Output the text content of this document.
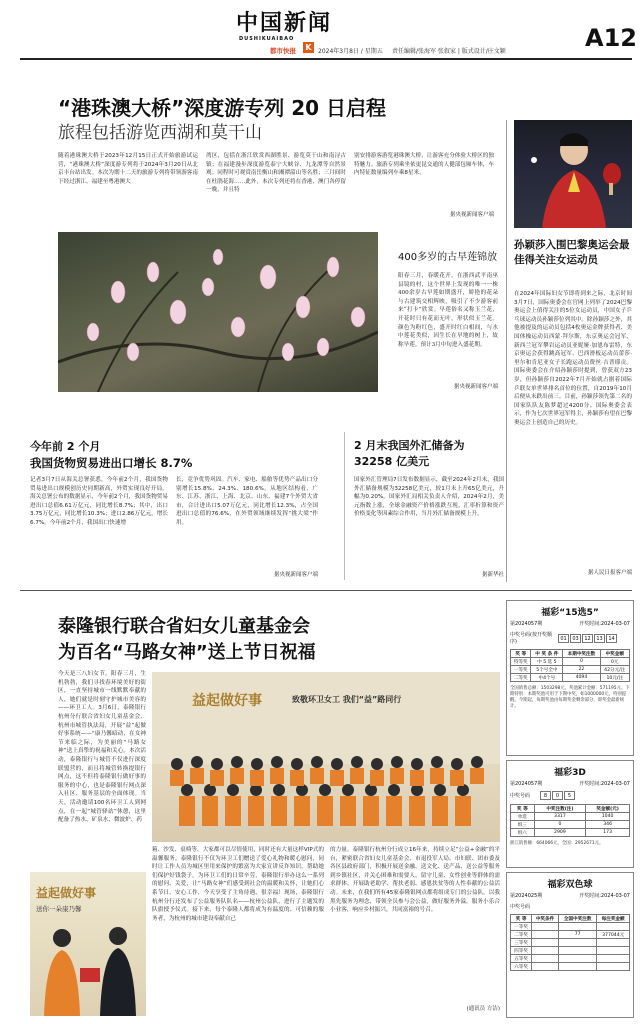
中国新闻
DUSHIKUAIBAO
K
都市快报	2024年3月8日 / 星期五 责任编辑/张海军 张叙家 | 版式设计/庄文颖	A12
“港珠澳大桥”深度游专列 20 日启程
旅程包括游览西湖和莫干山
随着港珠澳大桥于2023年12月15日正式开始旅游试运营，“港珠澳大桥”深度游专列将于2024年3月20日从北京丰台站出发。本次为期十二天的旅游专列将带领游客南下经过浙江、福建至粤港澳大
湾区，包括在浙江欣赏西湖胜景、游览莫干山和南浔古镇；在福建漫步深度游览泰宁大峡谷、九龙潭等自然景观；同程时可观赏南岳衡山和湘潭韶山等名胜；三月间时在杜鹃花海……此外，本次专列还将在香港、澳门各停留一晚，并且特
别安排游客游览港珠澳大桥，让游客充分体验大桥区的独特魅力。旅游专列乘坐依更昆交通的人健部包厢车体，车内特征数量编列车乘8星米。
据央视新闻客户端
400多岁的古早莲锦放
阳春三月，春暖花开。在浙西武平南巫县镜的村，这个世界上发现的唯一一株400余岁古早莲如期盛开，娇艳的花朵与古建筑交相辉映，吸引了不少游客前来“打卡”欣赏。早莲俗名又称玉兰花，开花时只有花而无叶，形状似玉兰花。颜色为粉红色，盛开时红白相间，与水中莲花类似，因生长在旱地的树上，故称旱莲。预计3月中旬进入盛花期。
据央视新闻客户端
今年前 2 个月
我国货物贸易进出口增长 8.7%
记者3月7日从海关总署获悉，今年前2个月，我国货物贸易进出口规模创历史同期新高，外贸实现良好开局。海关总署公布的数据显示，今年前2个月，我国货物贸易进出口总值6.61万亿元，同比增长8.7%；其中，出口3.75万亿元，同比增长10.3%；进口2.86万亿元，增长6.7%。今年前2个月，我国出口快速增
长，竞争优势巩固。汽车、家电、船舶等优势产品出口分别增长15.8%、24.3%、180.6%。从地区结构看，广东、江苏、浙江、上海、北京、山东、福建7个外贸大省市，合计进出口5.07万亿元，同比增长12.3%，占全国进出口总值的76.6%，在外贸领域继续发挥“挑大梁”作用。
据央视新闻客户端
2 月末我国外汇储备为 32258 亿美元
国家外汇管理局7日发布数据显示，截至2024年2月末，我国外汇储备规模为32258亿美元，较1月末上升65亿美元，升幅为0.20%。国家外汇局相关负责人介绍，2024年2月，美元指数上涨，全球金融资产价格涨跌互现。汇率折算和资产价格变化等因素综合作用，当月外汇储备规模上升。
据新华社
孙颖莎入围巴黎奥运会最佳得关注女运动员
在2024年国际妇女节即将到来之际，北京时间3月7日，国际奥委会在官网上列举了2024巴黎奥运会上值得关注的5位女运动员，中国女子乒乓球运动员孙颖莎位列其中。除孙颖莎之外，其他被提及的运动员包括4枚奥运金牌获得者、美国体操运动员西蒙·拜尔斯，东京奥运会冠军、新西兰冠军攀岩运动员亚妮娅·加恩布雷特，东京奥运会获得跳高冠军、巴西滑板运动员蕾莎·里尔和肯尼亚女子长跑运动员费丝·吉普耶贡。国际奥委会在介绍孙颖莎时提到，曾获双方23岁，但孙颖莎自2022年7月开始就占据着国际乒联女单世界排名首位的位置，自2019年10月后便从未跌出前三。目前，孙颖莎领先第二名的国家队队友陈梦超过4200分。国际奥委会表示，作为七次世界冠军得主，孙颖莎有望在巴黎奥运会上创造自己的历史。
据人民日报客户端
泰隆银行联合省妇女儿童基金会
为百名“马路女神”送上节日祝福
今天是三八妇女节。阳春三月，生机勃勃，我们寻找春环境美好的街区，一直坚持城市一线默默奉献的人，她们就是时刻守护城市美容的——环卫工人。3月6日，泰隆银行杭州分行联合省妇女儿童基金会、杭州市城管执法局，开展“益”起做好事系统——“康乃馨暗动，在女神节来临之际，为美丽的“马路女神”送上真挚的祝福和关心。本次活动，泰隆银行与城管不仅进行深度联盟营的，而且将城管转换提银行网点，这不但将泰隆银行做好事的服务的中心，也是泰隆银行网点深入社区、服务基层的全面体现。当天，活动邀请100名环卫工人到网点，在一起“城管驿站”休憩，这里配备了热水、矿泉水、微波炉、药
益起做好事	致敬环卫女工 我们“益”路同行
箱、沙发、桌椅等，大家都可以尽情使用，同时还有大量这样VIP式的温馨服务。泰隆银行不仅为环卫工们赠送了爱心礼物和暖心慰问，同时让工作人员为城区里用来保护的繁富为大家宣讲反诈知识，帮助她们保护好钱袋子。为环卫工们的日常辛劳，泰隆银行举办这么一系列的慰问、关爱，让“马路女神”们感受到社会的温暖和关怀，让她们心系节日，安心工作，今天享受了主角待遇，很幸福！现场，泰隆银行杭州分行还发布了公益服务队队名——杭州公益队，进行了主题发的队旗授予仪式。接下来，每个泰隆人都将成为有温度的、可信赖的服务者，为杭州的城市建设奉献自己
的力量。泰隆银行杭州分行成立16年来，持续立足“公益+金融”的平台，紧密联合省妇女儿童基金会、市退役军人局、市妇联、团市委及各区县政府部门，积极开展送金融、送文化、送产品、送公益等服务到乡镇社区，并关心困难和需要人、留守儿童、女性创业等群体的需求群体，开展助老助学、帮扶老弱、感恩扶贫等的人性奉献的公益活动。未来，在我们所有45家泰隆银网点都将组成专门的公益队，以我黑先服务为理念，带领全员参与会公益，做好服务外溢，服务小乐合小业客，响应乡村振兴，共同富裕的号召。
(通讯员 方洁)
益起做好事
送你一朵康乃馨
福彩“15选5”
第2024057期	开奖时间:2024-03-07
中奖号码(按开奖顺序)
01	03	12	13	14
奖 等	中 奖 条 件	本期中奖注数	中奖金额
特等奖	中 5 选 5	0	0元
一等奖	5个号全中	22	42分元/注
二等奖	中4个号	4094	10元/注
全国销售总额：1503298元，奖池累计金额：571195元。下期特别：本期奖池可用于下期中奖，如1000000元，特别提醒，今期起，每期奖池由每期奖金剩余部分，即奖金最新统计。
福彩3D
第2024057期	开奖时间:2024-03-07
中奖号码	8	0	5
奖 等	中奖注数(注)	奖金额(元)
单选	3317	1040
组三	0	346
组六	2909	173
浙江销售额：664066元，全国：2952671元。
福彩双色球
第2024025期	开奖时间:2024-03-07
中奖号码
奖 等	中奖条件	全国中奖注数	每注奖金额
一等奖			
二等奖		77	377044元
三等奖			
四等奖			
五等奖			
六等奖			
